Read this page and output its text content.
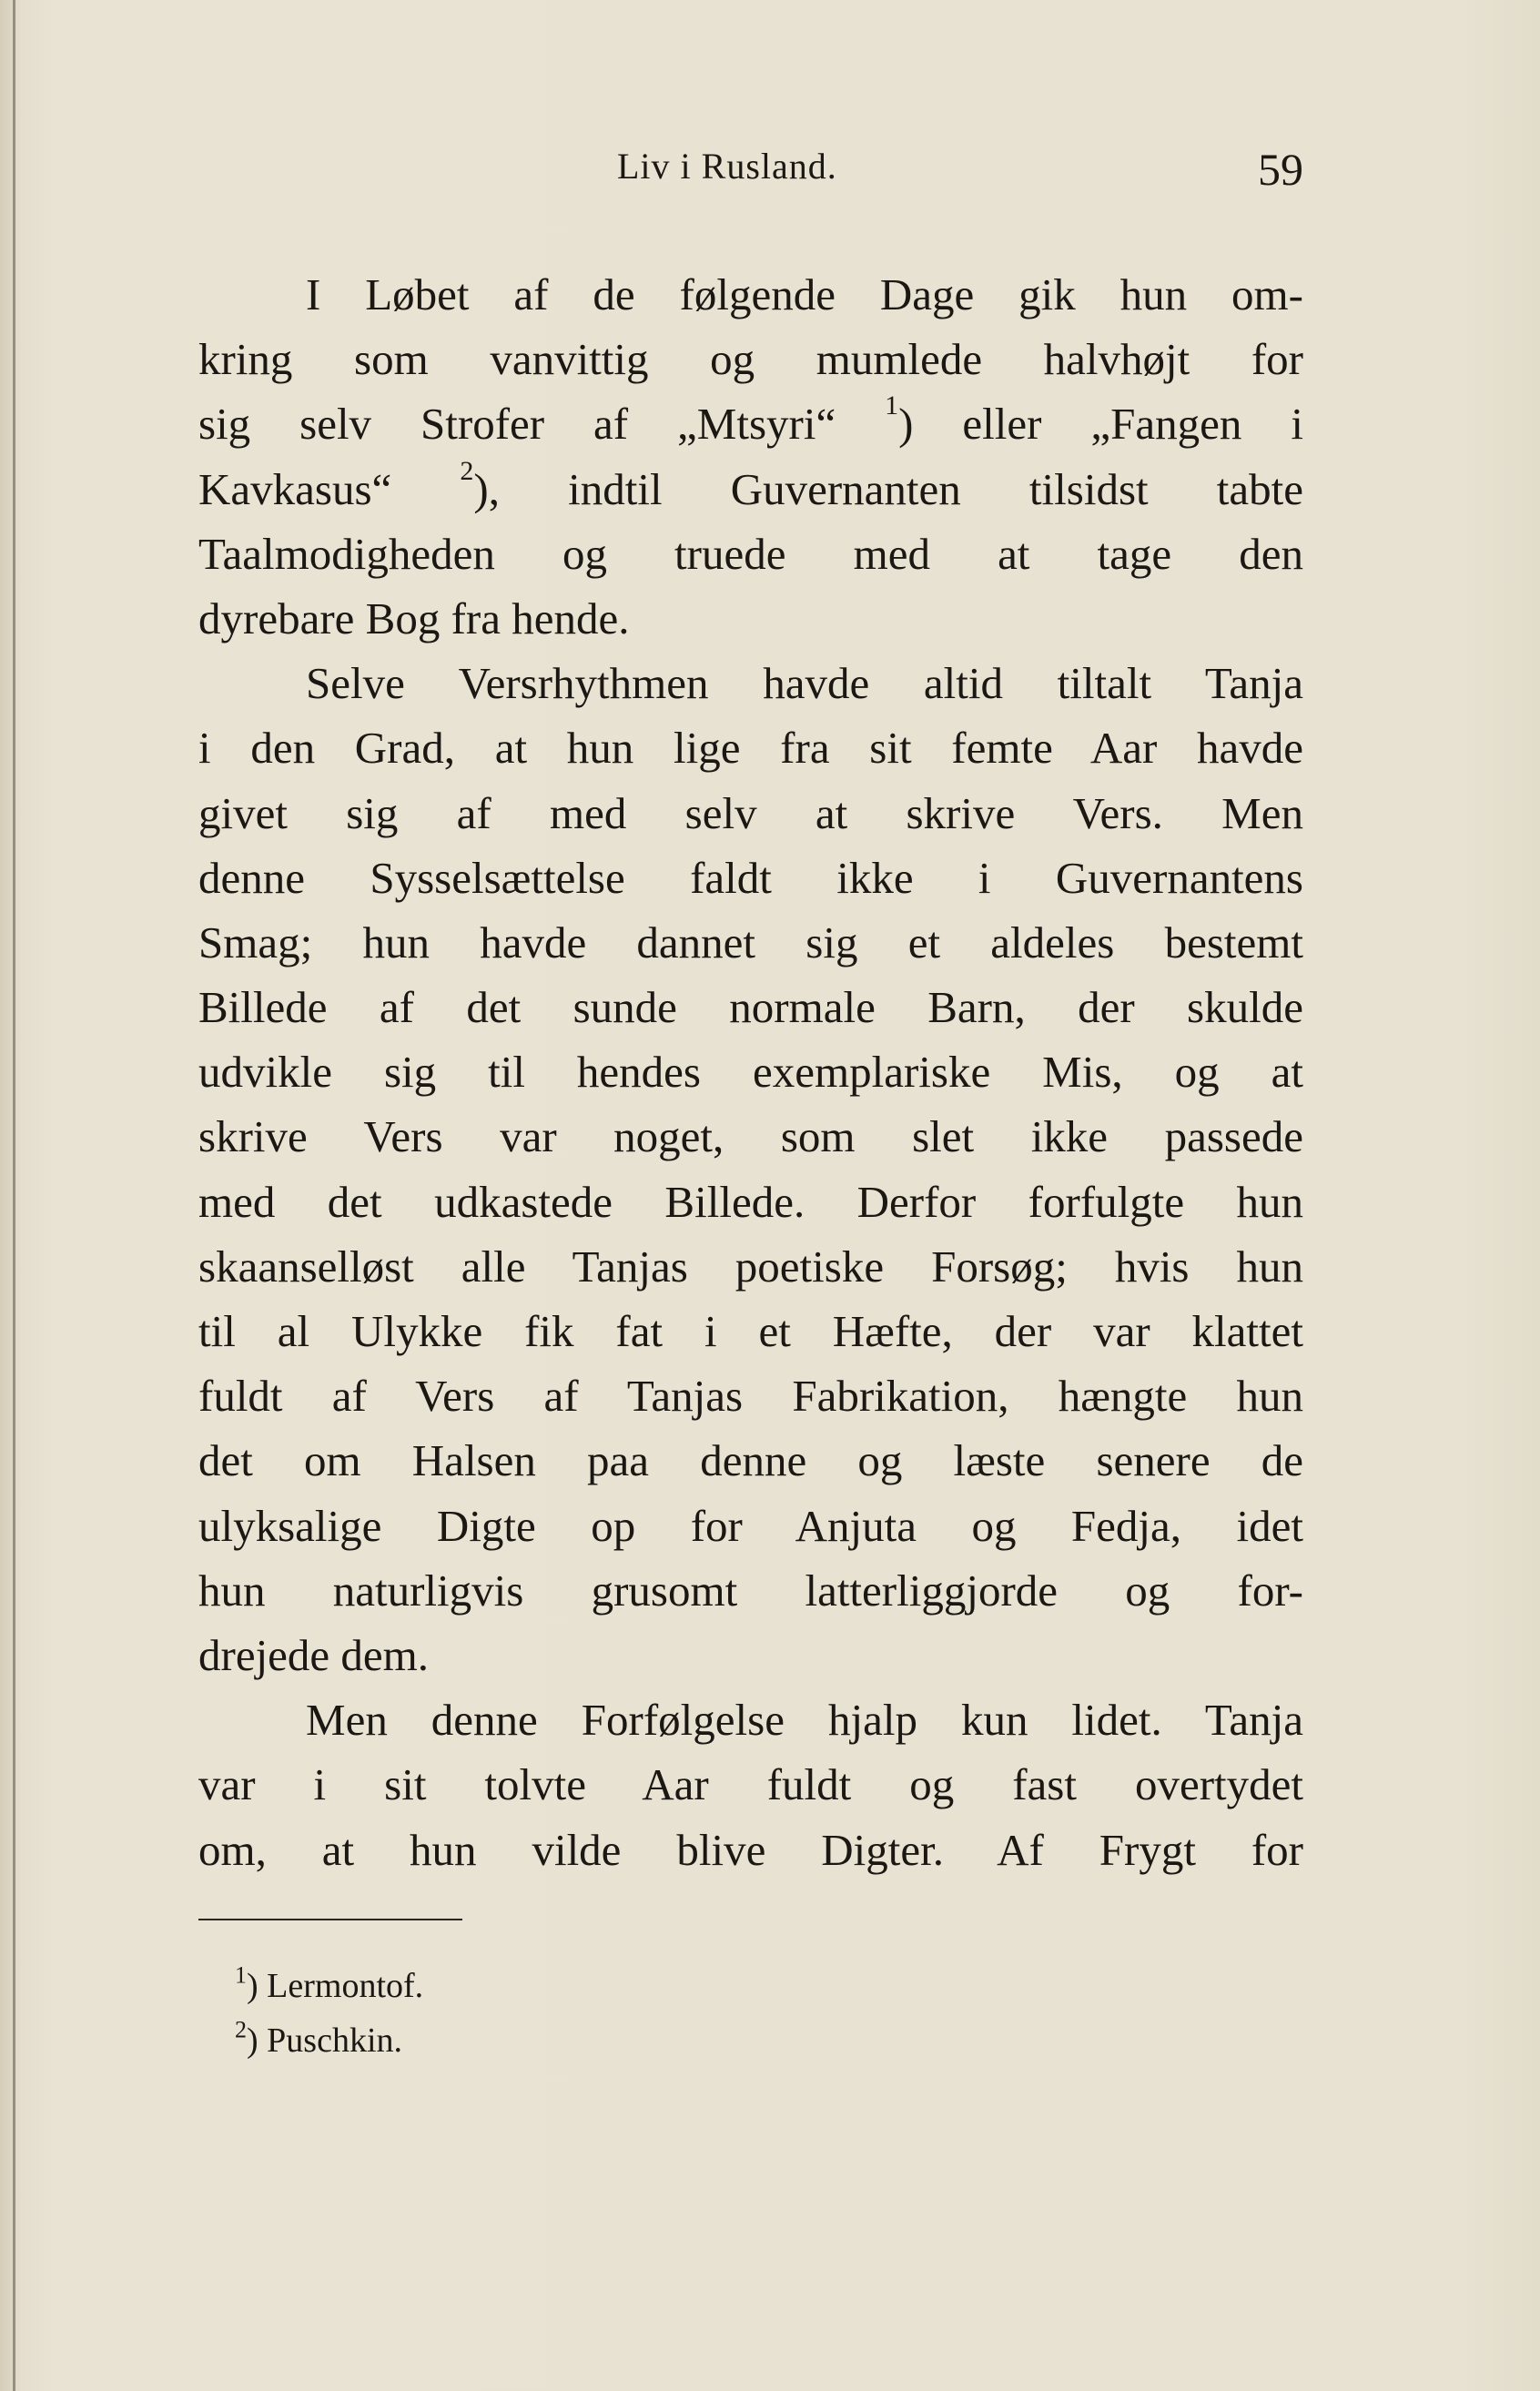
Liv i Rusland.	59
I Løbet af de følgende Dage gik hun om-
kring som vanvittig og mumlede halvhøjt for
sig selv Strofer af „Mtsyri“ $^1$) eller „Fangen i
Kavkasus“ $^2$), indtil Guvernanten tilsidst tabte
Taalmodigheden og truede med at tage den
dyrebare Bog fra hende.
Selve Versrhythmen havde altid tiltalt Tanja
i den Grad, at hun lige fra sit femte Aar havde
givet sig af med selv at skrive Vers. Men
denne Sysselsættelse faldt ikke i Guvernantens
Smag; hun havde dannet sig et aldeles bestemt
Billede af det sunde normale Barn, der skulde
udvikle sig til hendes exemplariske Mis, og at
skrive Vers var noget, som slet ikke passede
med det udkastede Billede. Derfor forfulgte hun
skaanselløst alle Tanjas poetiske Forsøg; hvis hun
til al Ulykke fik fat i et Hæfte, der var klattet
fuldt af Vers af Tanjas Fabrikation, hængte hun
det om Halsen paa denne og læste senere de
ulyksalige Digte op for Anjuta og Fedja, idet
hun naturligvis grusomt latterliggjorde og for-
drejede dem.
Men denne Forfølgelse hjalp kun lidet. Tanja
var i sit tolvte Aar fuldt og fast overtydet
om, at hun vilde blive Digter. Af Frygt for
$^1$) Lermontof.
$^2$) Puschkin.
